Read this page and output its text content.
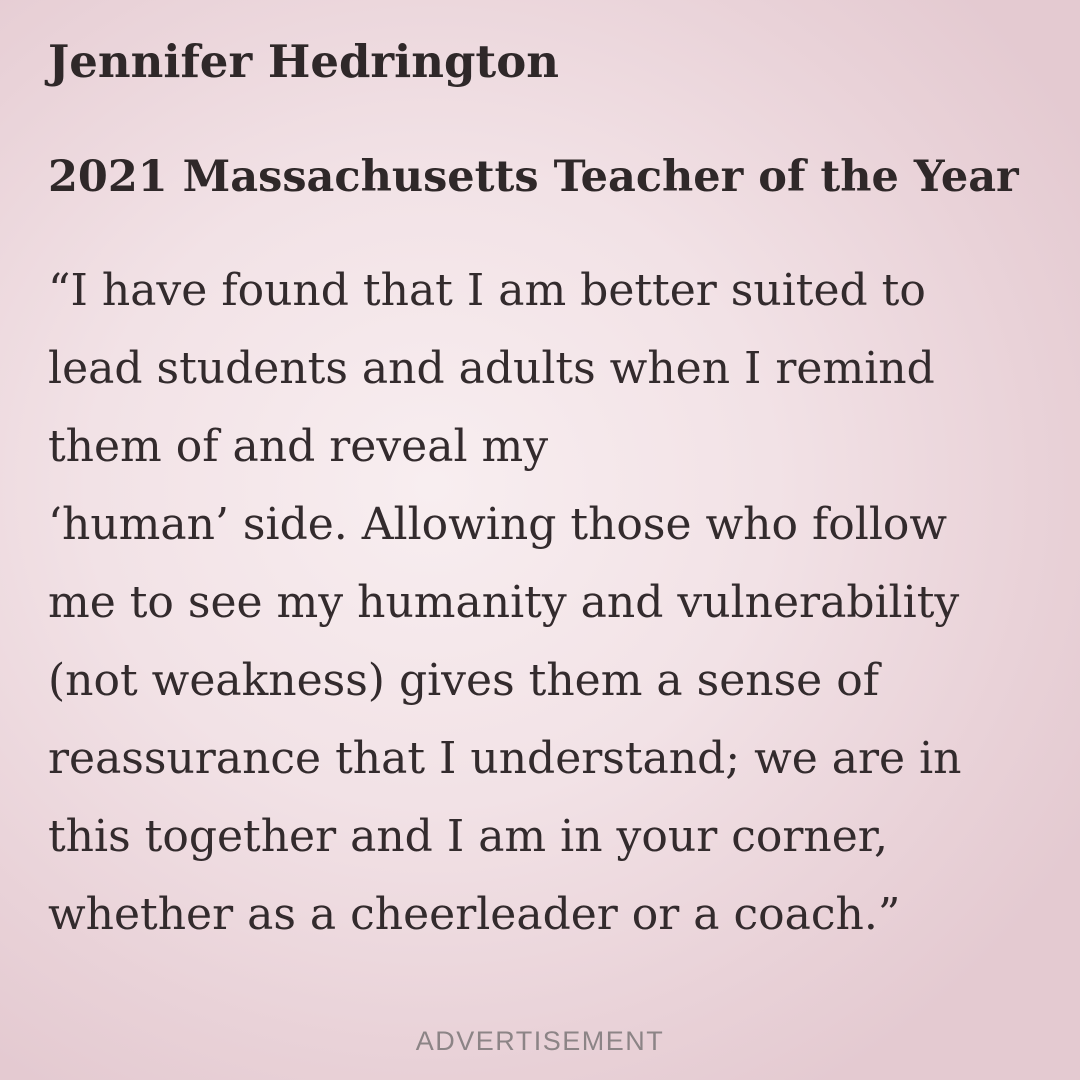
Jennifer Hedrington
2021 Massachusetts Teacher of the Year

“I have found that I am better suited to
lead students and adults when I remind
them of and reveal my
‘human’ side. Allowing those who follow
me to see my humanity and vulnerability
(not weakness) gives them a sense of
reassurance that I understand; we are in
this together and I am in your corner,
whether as a cheerleader or a coach.”

ADVERTISEMENT
